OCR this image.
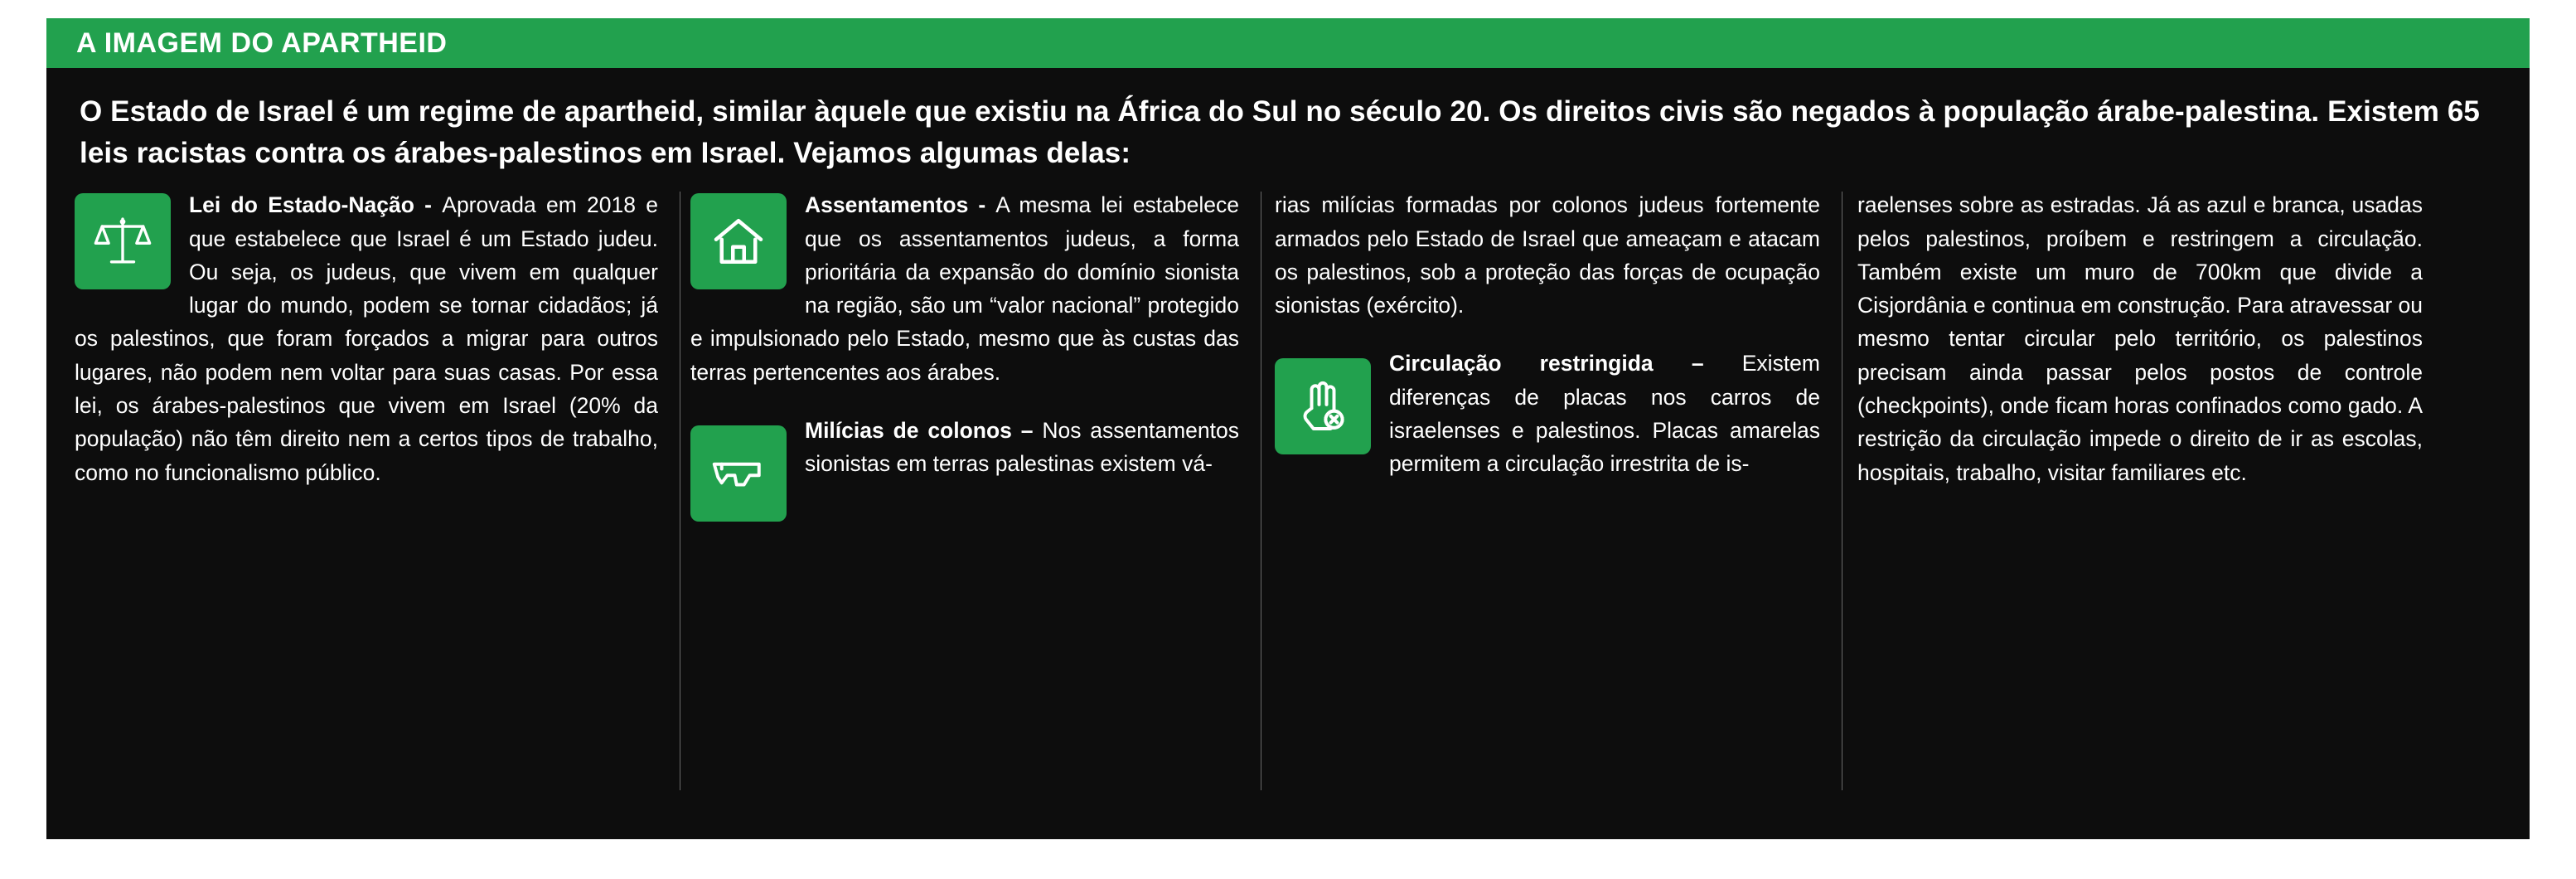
A IMAGEM DO APARTHEID
O Estado de Israel é um regime de apartheid, similar àquele que existiu na África do Sul no século 20. Os direitos civis são negados à população árabe-palestina. Existem 65 leis racistas contra os árabes-palestinos em Israel. Vejamos algumas delas:
Lei do Estado-Nação - Aprovada em 2018 e que estabelece que Israel é um Estado judeu. Ou seja, os judeus, que vivem em qualquer lugar do mundo, podem se tornar cidadãos; já os palestinos, que foram forçados a migrar para outros lugares, não podem nem voltar para suas casas. Por essa lei, os árabes-palestinos que vivem em Israel (20% da população) não têm direito nem a certos tipos de trabalho, como no funcionalismo público.
Assentamentos - A mesma lei estabelece que os assentamentos judeus, a forma prioritária da expansão do domínio sionista na região, são um “valor nacional” protegido e impulsionado pelo Estado, mesmo que às custas das terras pertencentes aos árabes.
Milícias de colonos – Nos assentamentos sionistas em terras palestinas existem vá-
rias milícias formadas por colonos judeus fortemente armados pelo Estado de Israel que ameaçam e atacam os palestinos, sob a proteção das forças de ocupação sionistas (exército).
Circulação restringida – Existem diferenças de placas nos carros de israelenses e palestinos. Placas amarelas permitem a circulação irrestrita de is-
raelenses sobre as estradas. Já as azul e branca, usadas pelos palestinos, proíbem e restringem a circulação. Também existe um muro de 700km que divide a Cisjordânia e continua em construção. Para atravessar ou mesmo tentar circular pelo território, os palestinos precisam ainda passar pelos postos de controle (checkpoints), onde ficam horas confinados como gado. A restrição da circulação impede o direito de ir as escolas, hospitais, trabalho, visitar familiares etc.
